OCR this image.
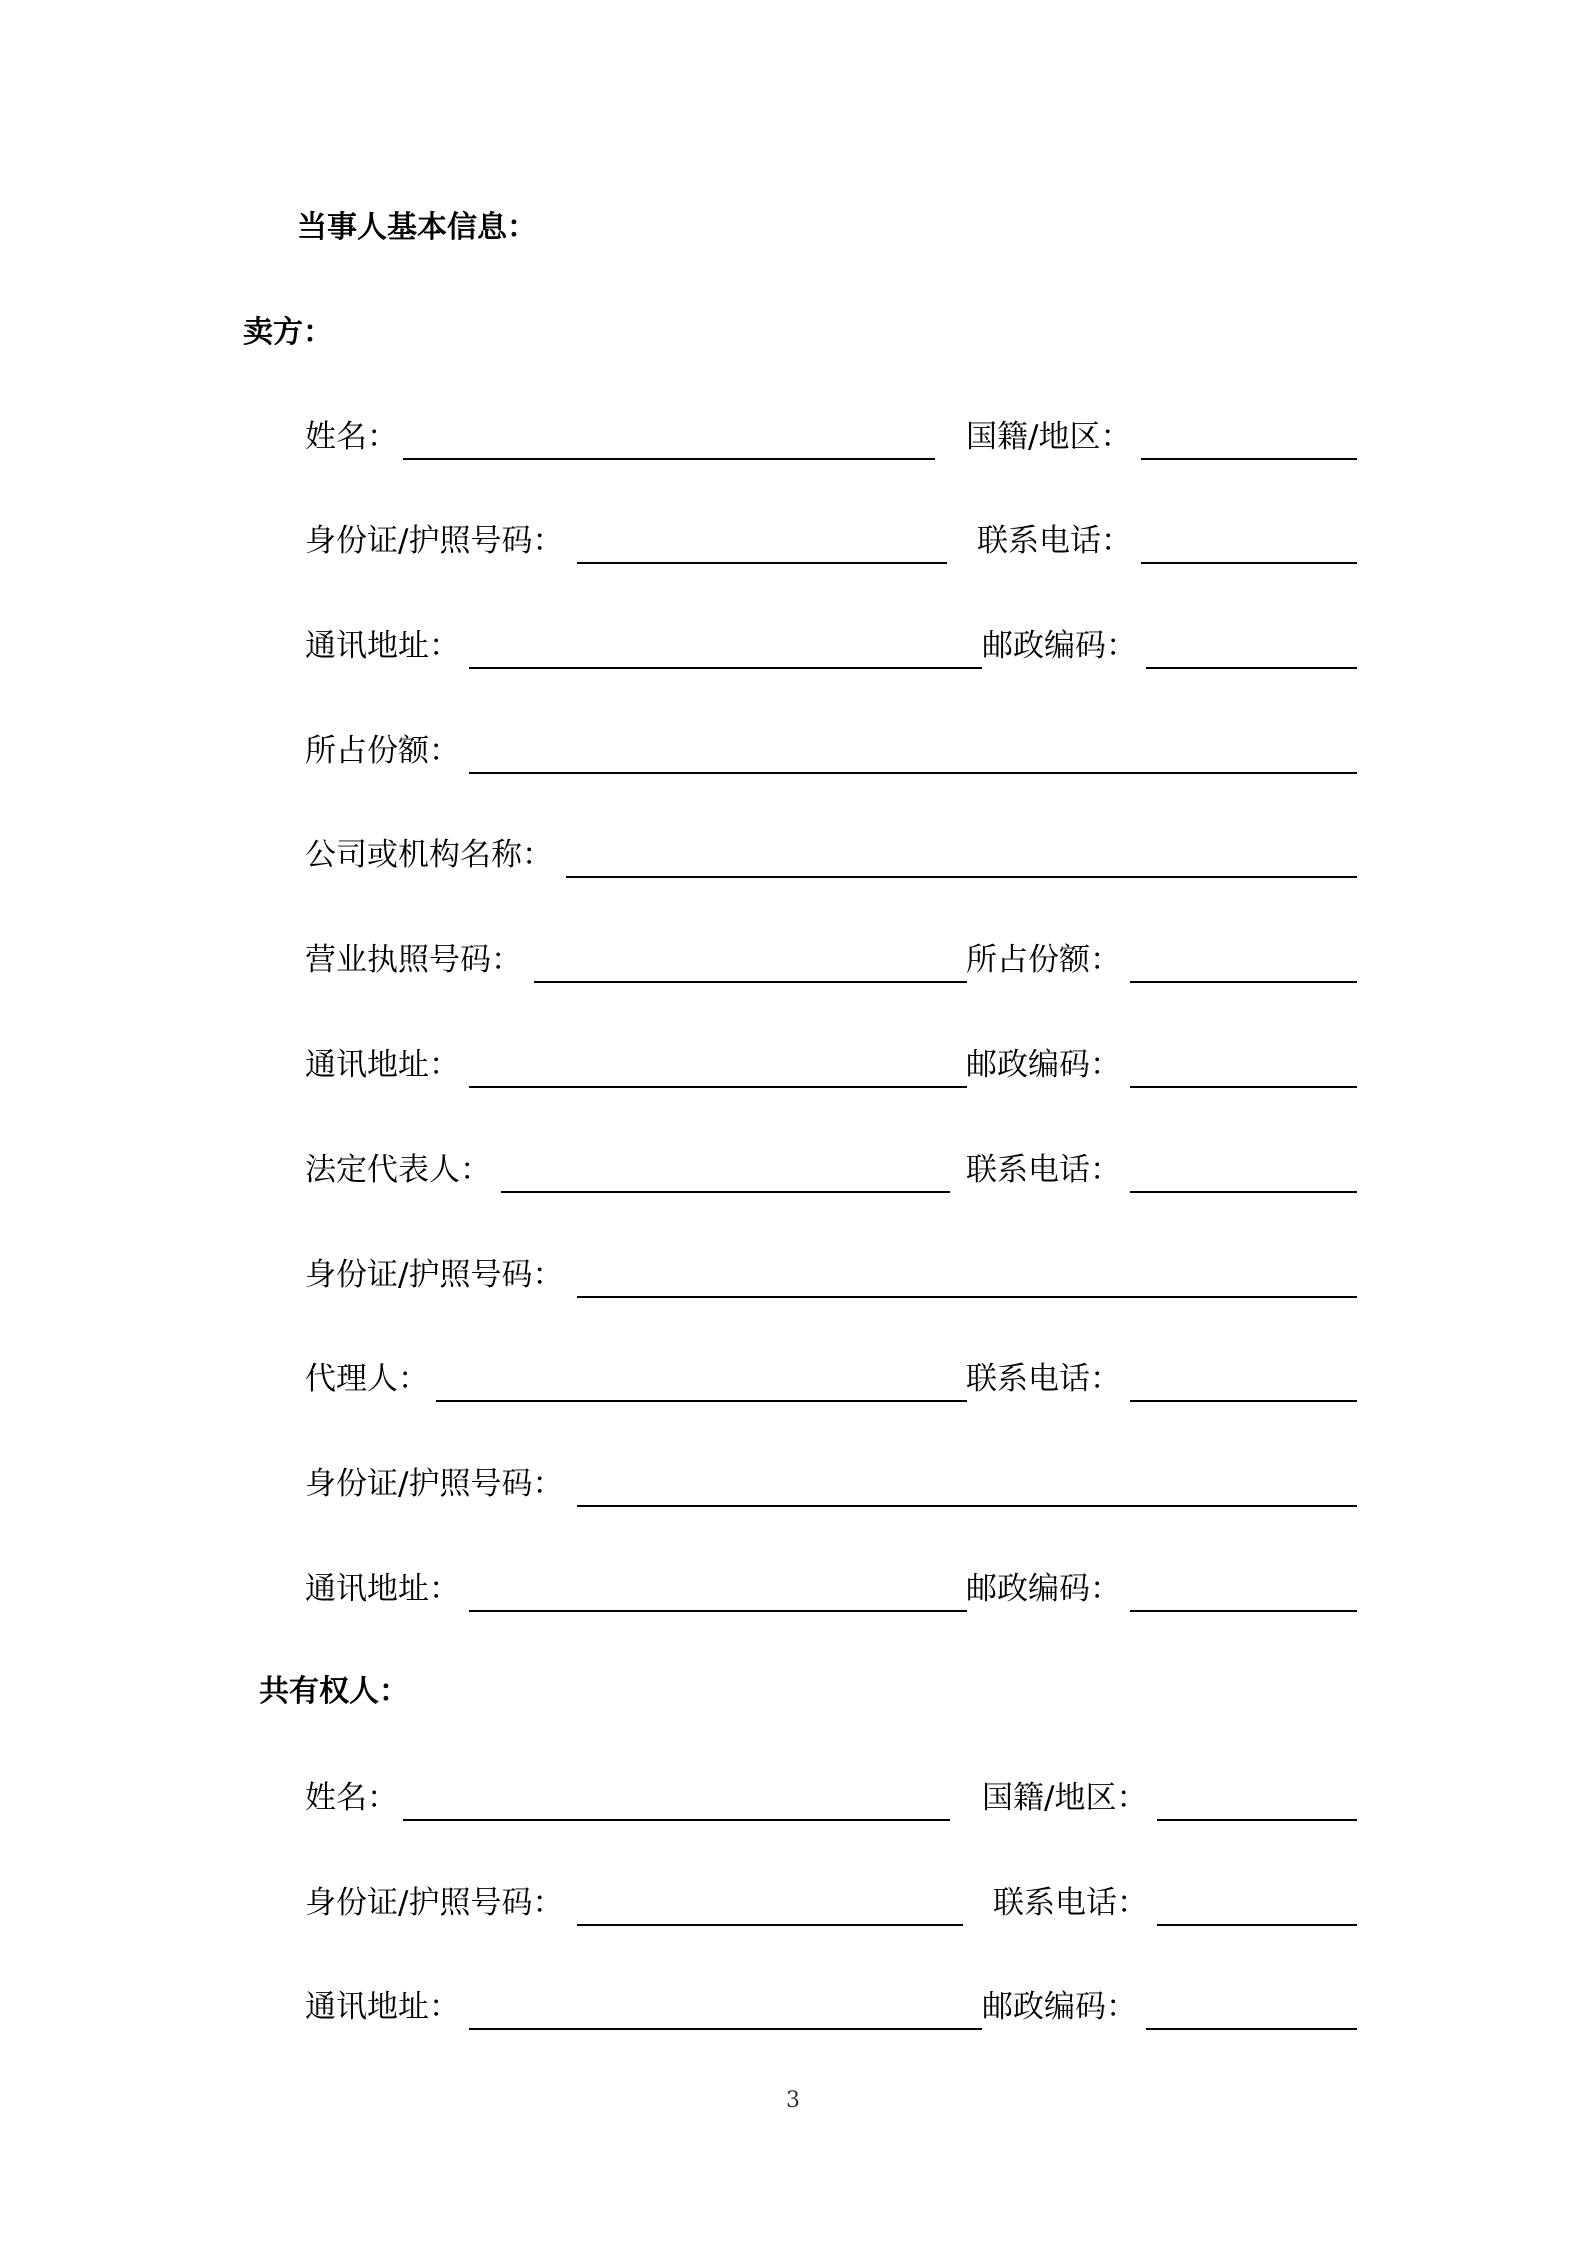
当事人基本信息：
卖方：
姓名：	国籍/地区：
身份证/护照号码：	联系电话：
通讯地址：	邮政编码：
所占份额：
公司或机构名称：
营业执照号码：	所占份额：
通讯地址：	邮政编码：
法定代表人：	联系电话：
身份证/护照号码：
代理人：	联系电话：
身份证/护照号码：
通讯地址：	邮政编码：
共有权人：
姓名：	国籍/地区：
身份证/护照号码：	联系电话：
通讯地址：	邮政编码：
3
